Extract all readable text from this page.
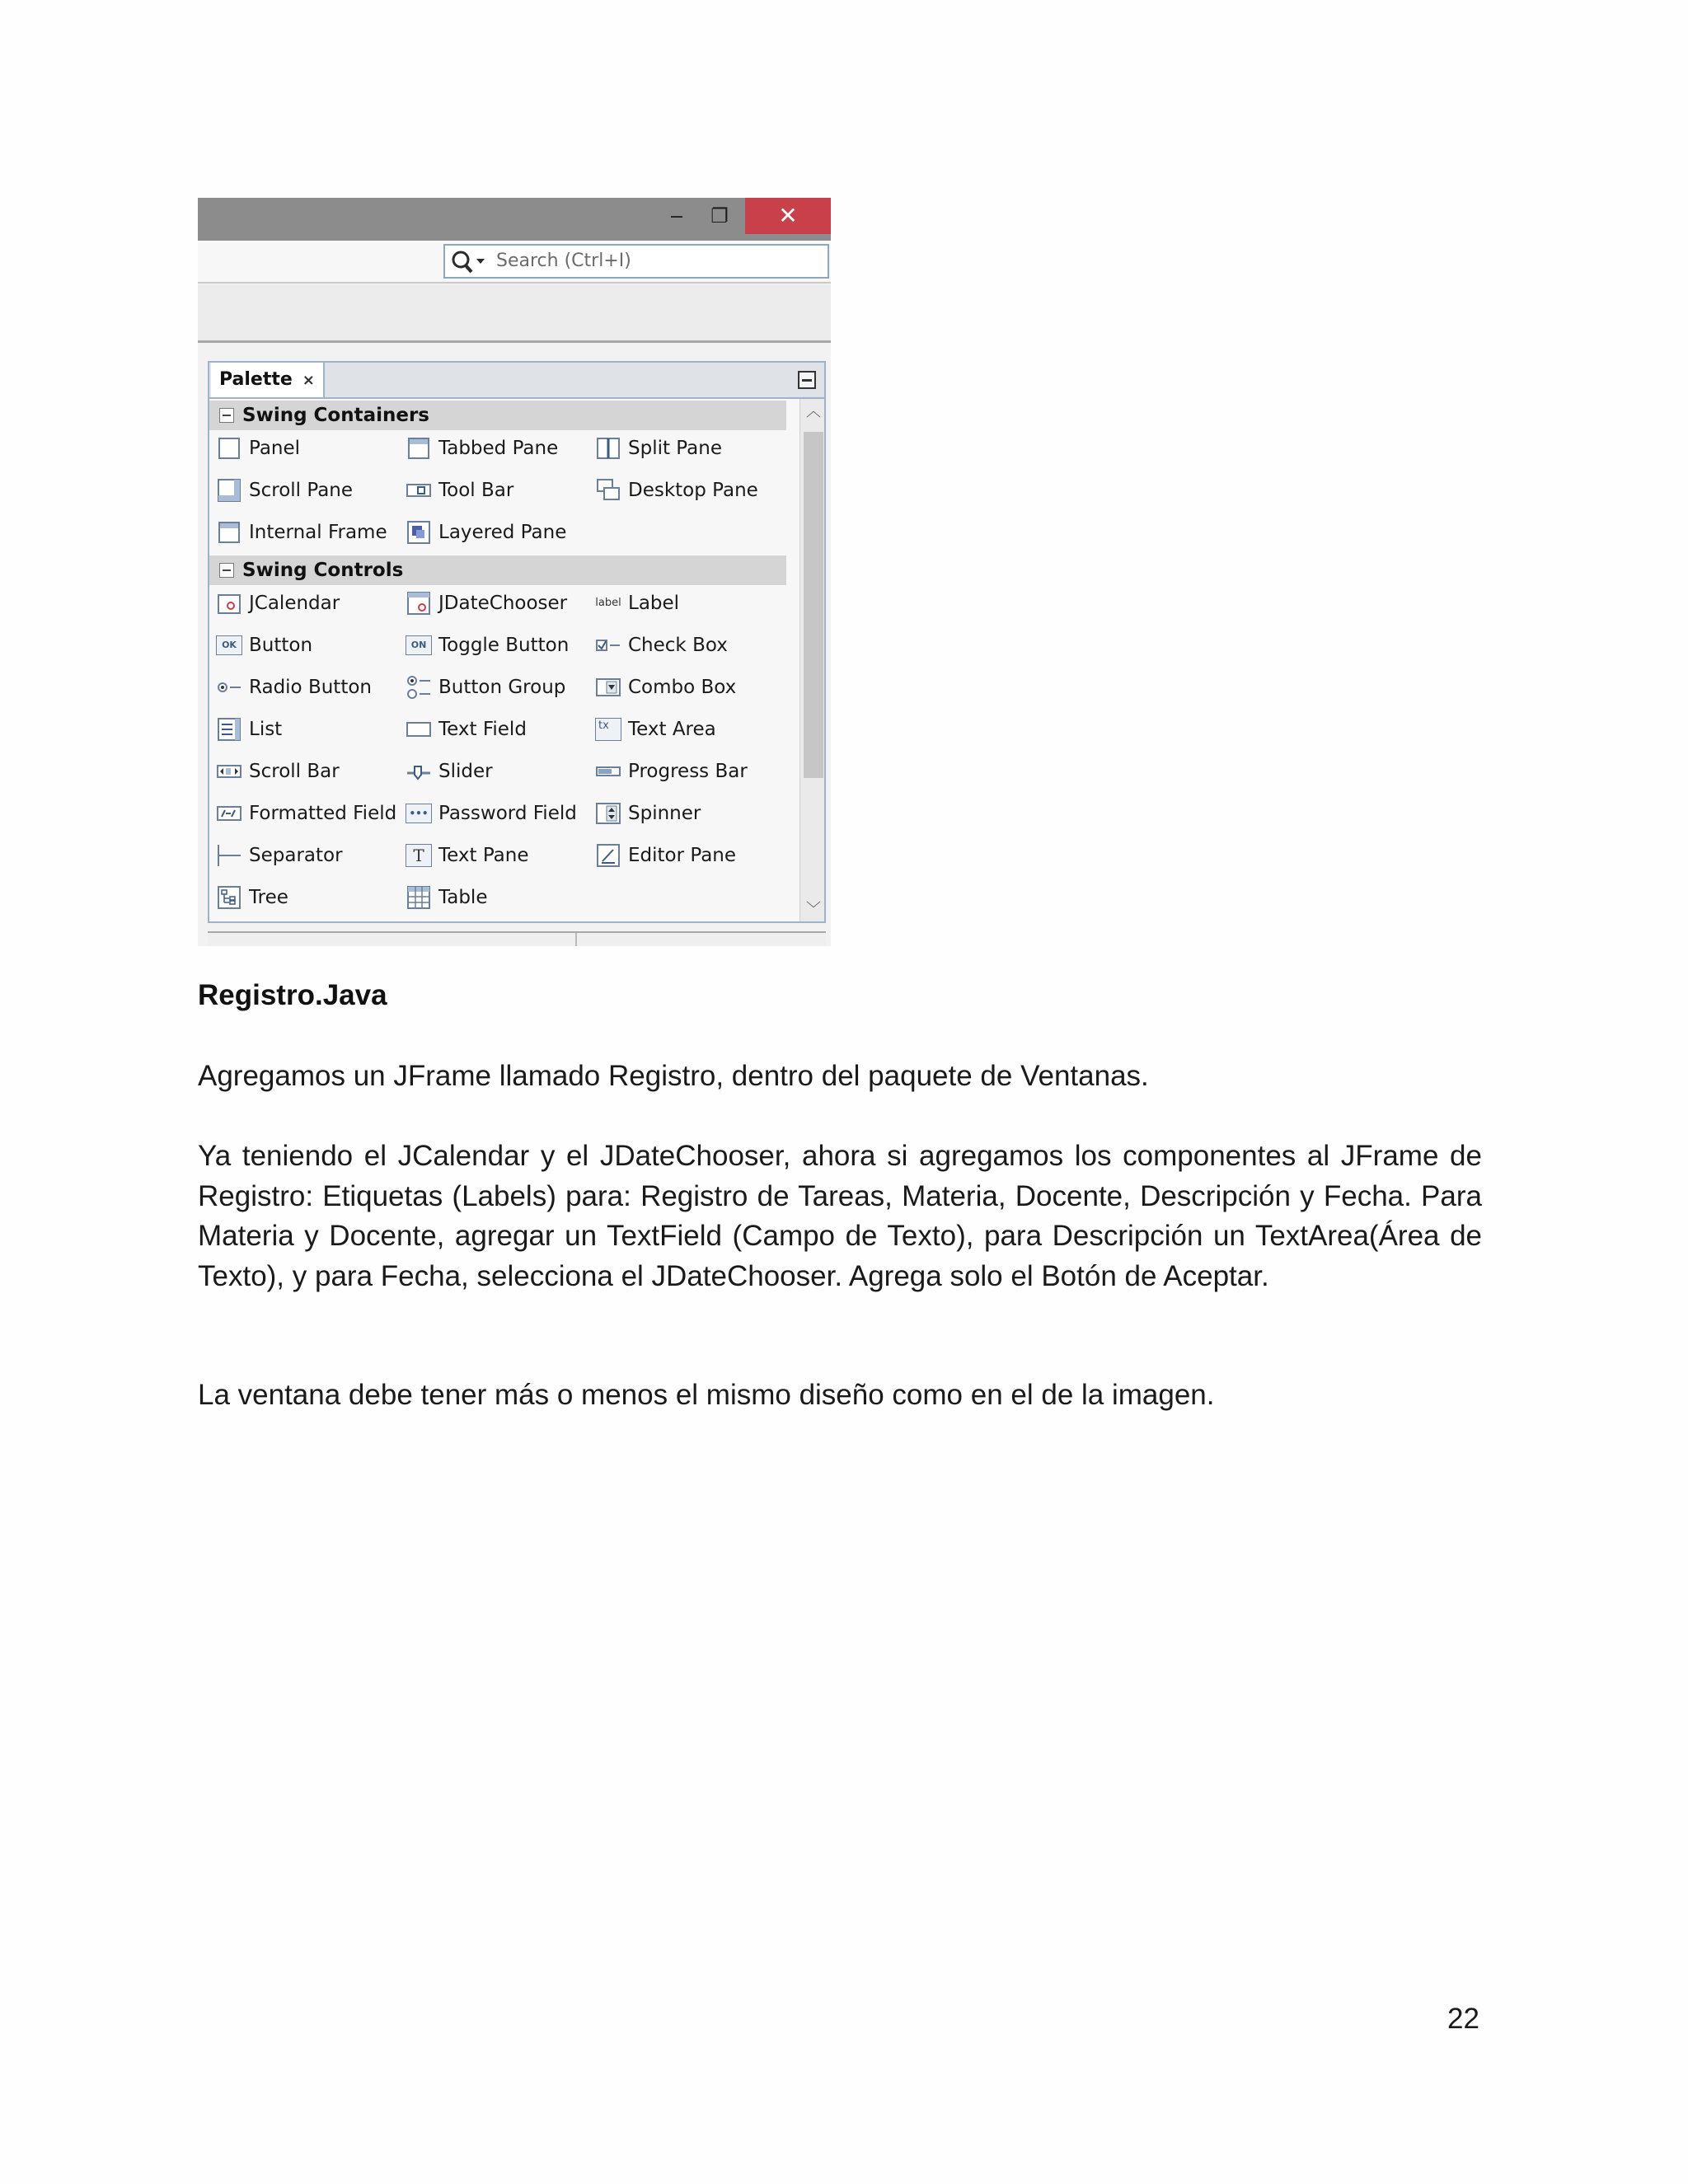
‒	❐	✕
Search (Ctrl+I)
Palette ⨯
Swing Containers
Panel	Tabbed Pane	Split Pane
Scroll Pane	Tool Bar	Desktop Pane
Internal Frame	Layered Pane
Swing Controls
JCalendar	JDateChooser	label Label
OK Button	ON Toggle Button	Check Box
Radio Button	Button Group	Combo Box
List	Text Field	tx	Text Area
Scroll Bar	Slider	Progress Bar
Formatted Field	••• Password Field	Spinner
Separator	T Text Pane	Editor Pane
Tree	Table
︿
﹀
Registro.Java

Agregamos un JFrame llamado Registro, dentro del paquete de Ventanas.

Ya teniendo el JCalendar y el JDateChooser, ahora si agregamos los componentes al JFrame de Registro: Etiquetas (Labels) para: Registro de Tareas, Materia, Docente, Descripción y Fecha. Para Materia y Docente, agregar un TextField (Campo de Texto), para Descripción un TextArea(Área de Texto), y para Fecha, selecciona el JDateChooser. Agrega solo el Botón de Aceptar.

La ventana debe tener más o menos el mismo diseño como en el de la imagen.

22
